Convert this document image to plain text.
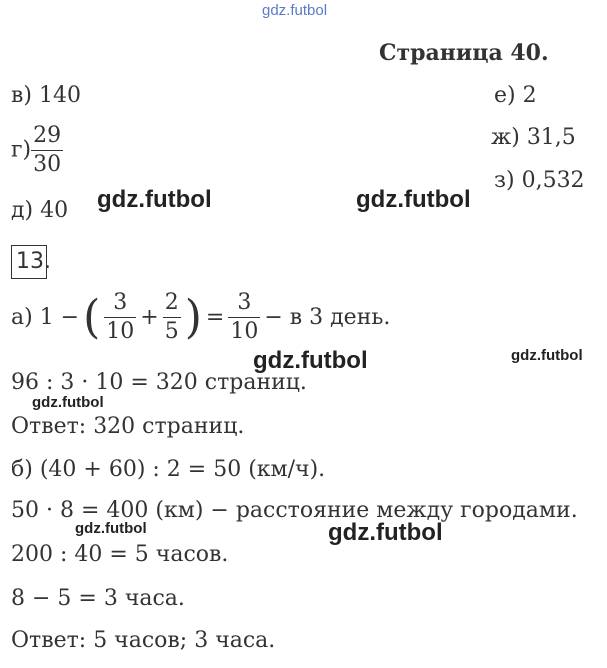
gdz.futbol
Страница 40.
в) 140
$г) \frac{29}{30}$
д) 40 gdz.futbol	gdz.futbol
е) 2
ж) 31,5
з) 0,532
13.
а) 1 − ( $\frac{3}{10} + \frac{2}{5}$ ) = $\frac{3}{10} - в$ 3 день.
gdz.futbol	gdz.futbol
96 : 3 · 10 = 320 страниц.
gdz.futbol
Ответ: 320 страниц.
б) (40 + 60) : 2 = 50 (км/ч).
50 · 8 = 400 (км) − расстояние между городами.
gdz.futbol	gdz.futbol
200 : 40 = 5 часов.
8 − 5 = 3 часа.
Ответ: 5 часов; 3 часа.
